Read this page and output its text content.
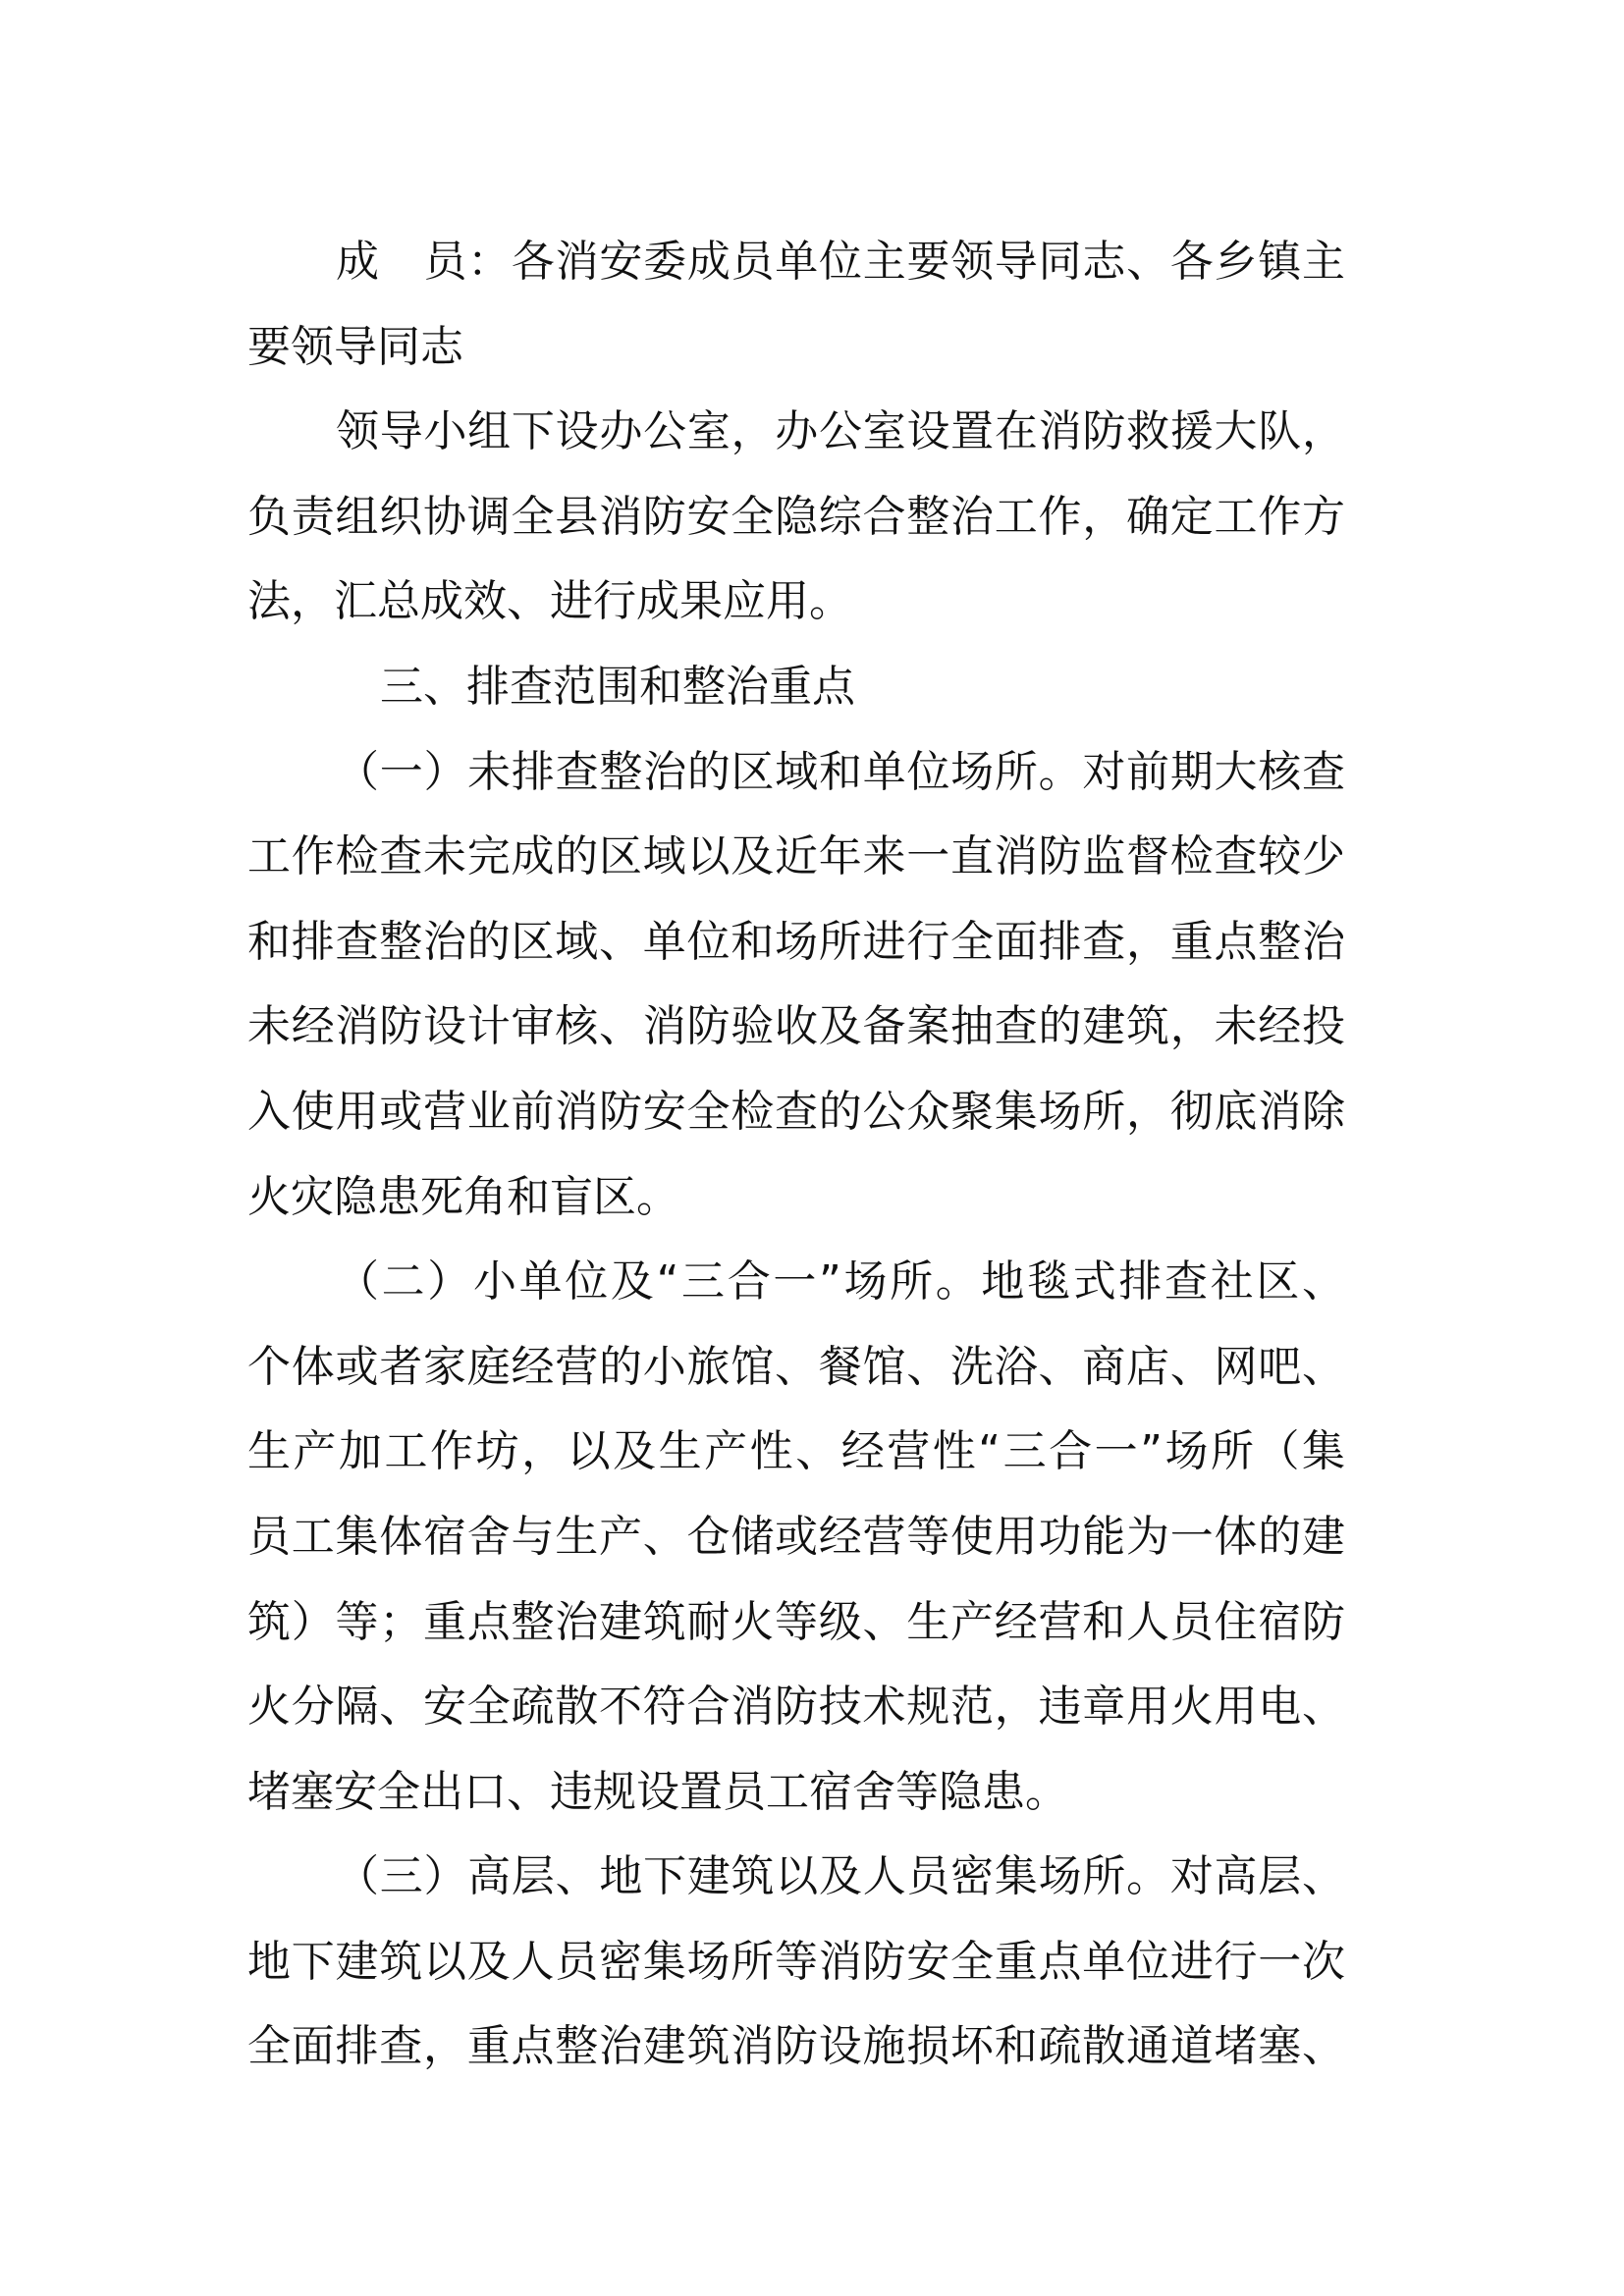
成　员：各消安委成员单位主要领导同志、各乡镇主
要领导同志
领导小组下设办公室，办公室设置在消防救援大队，
负责组织协调全县消防安全隐综合整治工作，确定工作方
法，汇总成效、进行成果应用。
三、排查范围和整治重点
（一）未排查整治的区域和单位场所。对前期大核查
工作检查未完成的区域以及近年来一直消防监督检查较少
和排查整治的区域、单位和场所进行全面排查，重点整治
未经消防设计审核、消防验收及备案抽查的建筑，未经投
入使用或营业前消防安全检查的公众聚集场所，彻底消除
火灾隐患死角和盲区。
（二）小单位及“三合一”场所。地毯式排查社区、
个体或者家庭经营的小旅馆、餐馆、洗浴、商店、网吧、
生产加工作坊，以及生产性、经营性“三合一”场所（集
员工集体宿舍与生产、仓储或经营等使用功能为一体的建
筑）等；重点整治建筑耐火等级、生产经营和人员住宿防
火分隔、安全疏散不符合消防技术规范，违章用火用电、
堵塞安全出口、违规设置员工宿舍等隐患。
（三）高层、地下建筑以及人员密集场所。对高层、
地下建筑以及人员密集场所等消防安全重点单位进行一次
全面排查，重点整治建筑消防设施损坏和疏散通道堵塞、
